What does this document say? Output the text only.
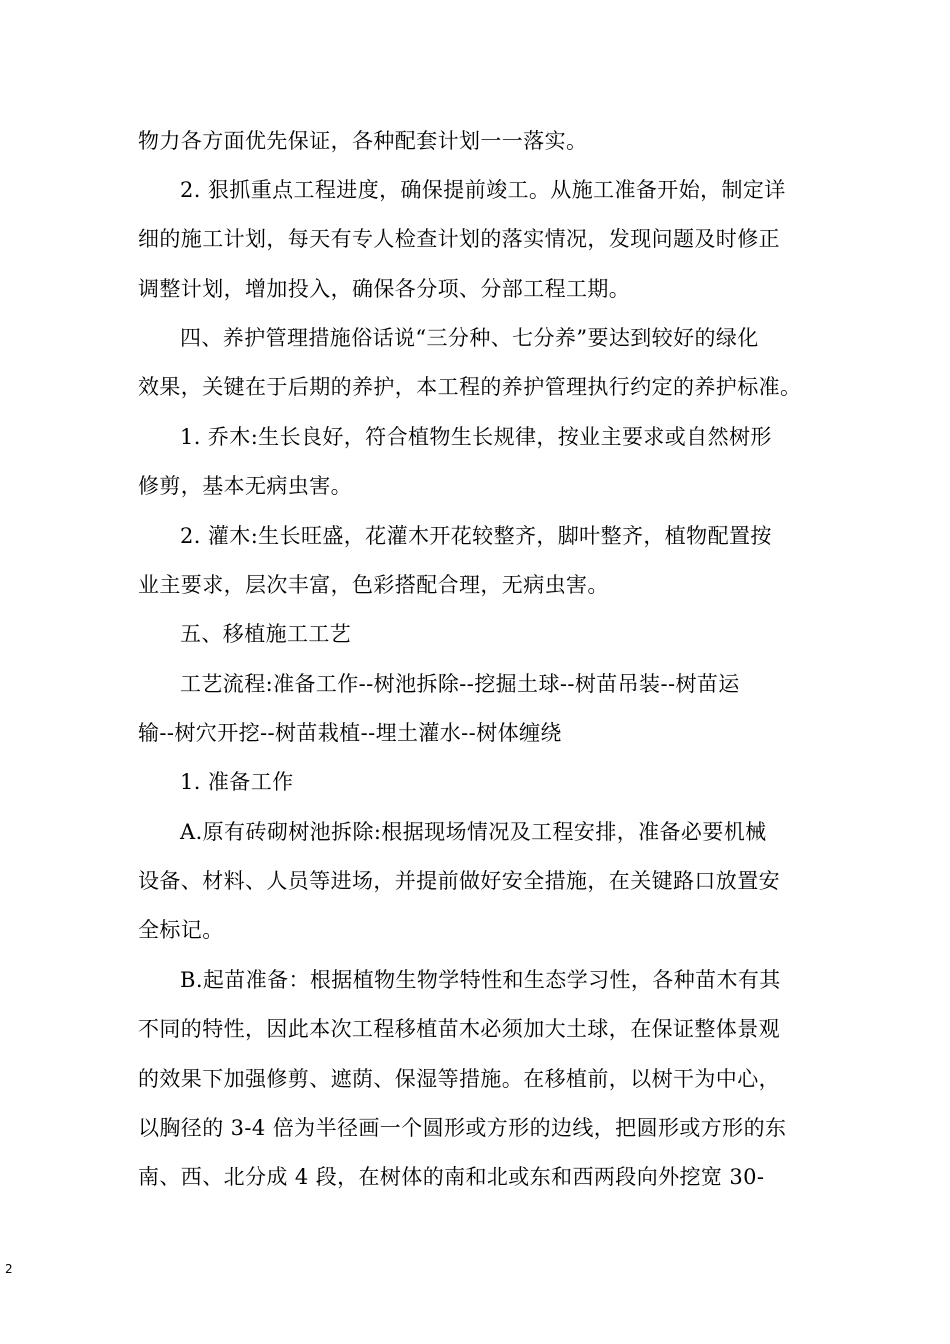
物力各方面优先保证，各种配套计划一一落实。
2. 狠抓重点工程进度，确保提前竣工。从施工准备开始，制定详
细的施工计划，每天有专人检查计划的落实情况，发现问题及时修正
调整计划，增加投入，确保各分项、分部工程工期。
四、养护管理措施俗话说“三分种、七分养”要达到较好的绿化
效果，关键在于后期的养护，本工程的养护管理执行约定的养护标准。
1. 乔木:生长良好，符合植物生长规律，按业主要求或自然树形
修剪，基本无病虫害。
2. 灌木:生长旺盛，花灌木开花较整齐，脚叶整齐，植物配置按
业主要求，层次丰富，色彩搭配合理，无病虫害。
五、移植施工工艺
工艺流程:准备工作--树池拆除--挖掘土球--树苗吊装--树苗运
输--树穴开挖--树苗栽植--埋土灌水--树体缠绕
1. 准备工作
A.原有砖砌树池拆除:根据现场情况及工程安排，准备必要机械
设备、材料、人员等进场，并提前做好安全措施，在关键路口放置安
全标记。
B.起苗准备：根据植物生物学特性和生态学习性，各种苗木有其
不同的特性，因此本次工程移植苗木必须加大土球，在保证整体景观
的效果下加强修剪、遮荫、保湿等措施。在移植前，以树干为中心，
以胸径的 3-4 倍为半径画一个圆形或方形的边线，把圆形或方形的东
南、西、北分成 4 段，在树体的南和北或东和西两段向外挖宽 30-
2
